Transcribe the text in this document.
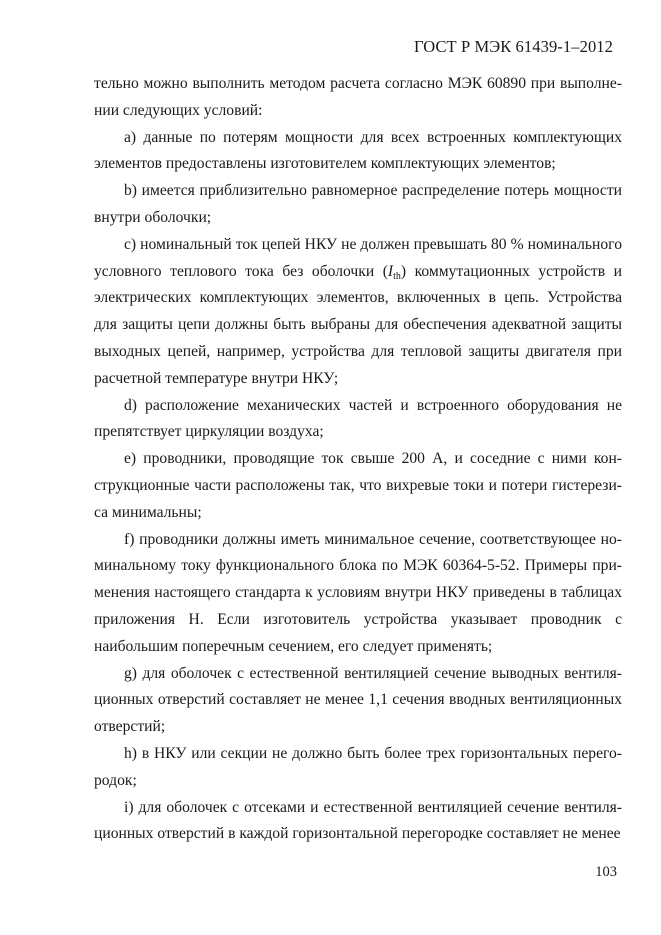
ГОСТ Р МЭК 61439-1–2012

тельно можно выполнить методом расчета согласно МЭК 60890 при выполне-нии следующих условий:

а) данные по потерям мощности для всех встроенных комплектующих элементов предоставлены изготовителем комплектующих элементов;

b) имеется приблизительно равномерное распределение потерь мощности внутри оболочки;

c) номинальный ток цепей НКУ не должен превышать 80 % номинального условного теплового тока без оболочки $(I_{th})$ коммутационных устройств и электрических комплектующих элементов, включенных в цепь. Устройства для защиты цепи должны быть выбраны для обеспечения адекватной защиты выходных цепей, например, устройства для тепловой защиты двигателя при расчетной температуре внутри НКУ;

d) расположение механических частей и встроенного оборудования не препятствует циркуляции воздуха;

e) проводники, проводящие ток свыше 200 А, и соседние с ними кон-струкционные части расположены так, что вихревые токи и потери гистерези-са минимальны;

f) проводники должны иметь минимальное сечение, соответствующее но-минальному току функционального блока по МЭК 60364-5-52. Примеры при-менения настоящего стандарта к условиям внутри НКУ приведены в таблицах приложения Н. Если изготовитель устройства указывает проводник с наибольшим поперечным сечением, его следует применять;

g) для оболочек с естественной вентиляцией сечение выводных вентиля-ционных отверстий составляет не менее 1,1 сечения вводных вентиляционных отверстий;

h) в НКУ или секции не должно быть более трех горизонтальных перего-родок;

i) для оболочек с отсеками и естественной вентиляцией сечение вентиля-ционных отверстий в каждой горизонтальной перегородке составляет не менее

103
